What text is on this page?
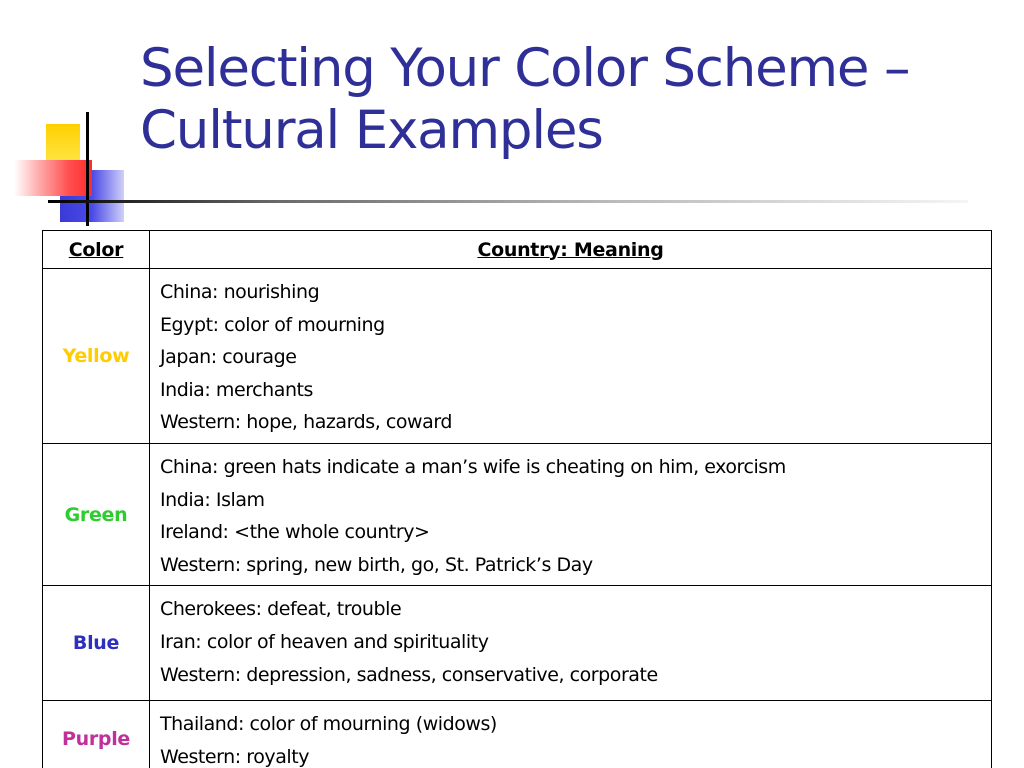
Selecting Your Color Scheme –
Cultural Examples
Color	Country: Meaning
Yellow	China: nourishing
Egypt: color of mourning
Japan: courage
India: merchants
Western: hope, hazards, coward

Green	China: green hats indicate a man’s wife is cheating on him, exorcism
India: Islam
Ireland: <the whole country>
Western: spring, new birth, go, St. Patrick’s Day

Blue	Cherokees: defeat, trouble
Iran: color of heaven and spirituality
Western: depression, sadness, conservative, corporate

Purple	Thailand: color of mourning (widows)
Western: royalty
